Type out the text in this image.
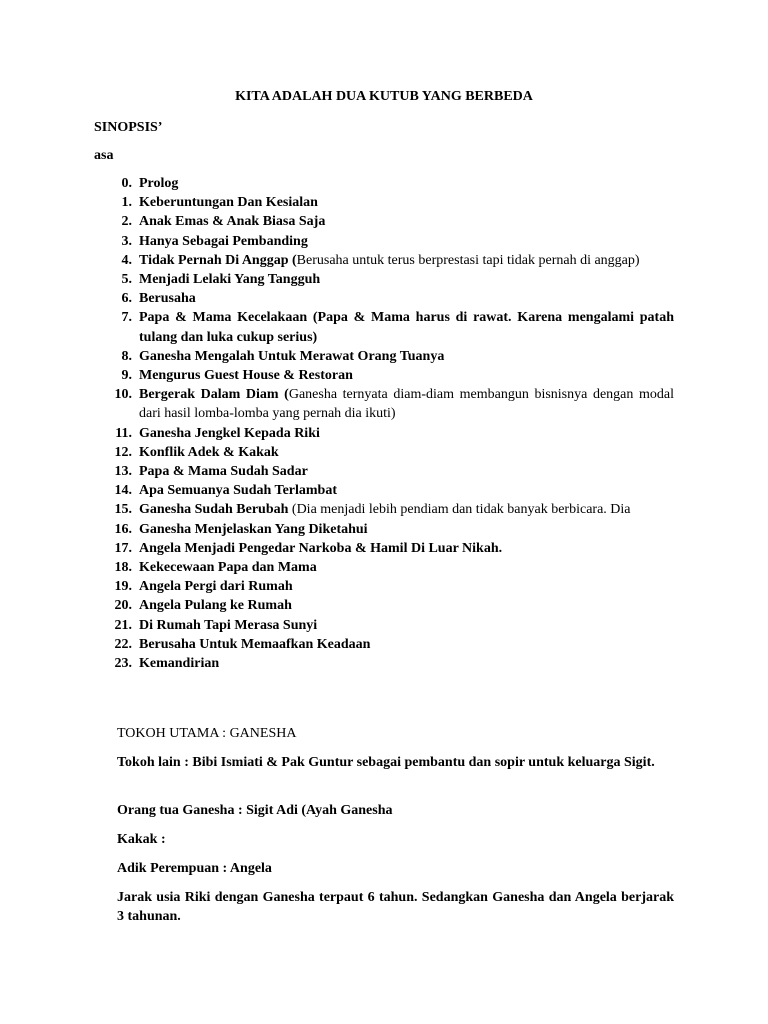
KITA ADALAH DUA KUTUB YANG BERBEDA
SINOPSIS’
asa
0. Prolog
1. Keberuntungan Dan Kesialan
2. Anak Emas & Anak Biasa Saja
3. Hanya Sebagai Pembanding
4. Tidak Pernah Di Anggap (Berusaha untuk terus berprestasi tapi tidak pernah di anggap)
5. Menjadi Lelaki Yang Tangguh
6. Berusaha
7. Papa & Mama Kecelakaan (Papa & Mama harus di rawat. Karena mengalami patah tulang dan luka cukup serius)
8. Ganesha Mengalah Untuk Merawat Orang Tuanya
9. Mengurus Guest House & Restoran
10. Bergerak Dalam Diam (Ganesha ternyata diam-diam membangun bisnisnya dengan modal dari hasil lomba-lomba yang pernah dia ikuti)
11. Ganesha Jengkel Kepada Riki
12. Konflik Adek & Kakak
13. Papa & Mama Sudah Sadar
14. Apa Semuanya Sudah Terlambat
15. Ganesha Sudah Berubah (Dia menjadi lebih pendiam dan tidak banyak berbicara. Dia
16. Ganesha Menjelaskan Yang Diketahui
17. Angela Menjadi Pengedar Narkoba & Hamil Di Luar Nikah.
18. Kekecewaan Papa dan Mama
19. Angela Pergi dari Rumah
20. Angela Pulang ke Rumah
21. Di Rumah Tapi Merasa Sunyi
22. Berusaha Untuk Memaafkan Keadaan
23. Kemandirian

TOKOH UTAMA : GANESHA

Tokoh lain : Bibi Ismiati & Pak Guntur sebagai pembantu dan sopir untuk keluarga Sigit.

Orang tua Ganesha : Sigit Adi (Ayah Ganesha

Kakak :

Adik Perempuan : Angela

Jarak usia Riki dengan Ganesha terpaut 6 tahun. Sedangkan Ganesha dan Angela berjarak 3 tahunan.
